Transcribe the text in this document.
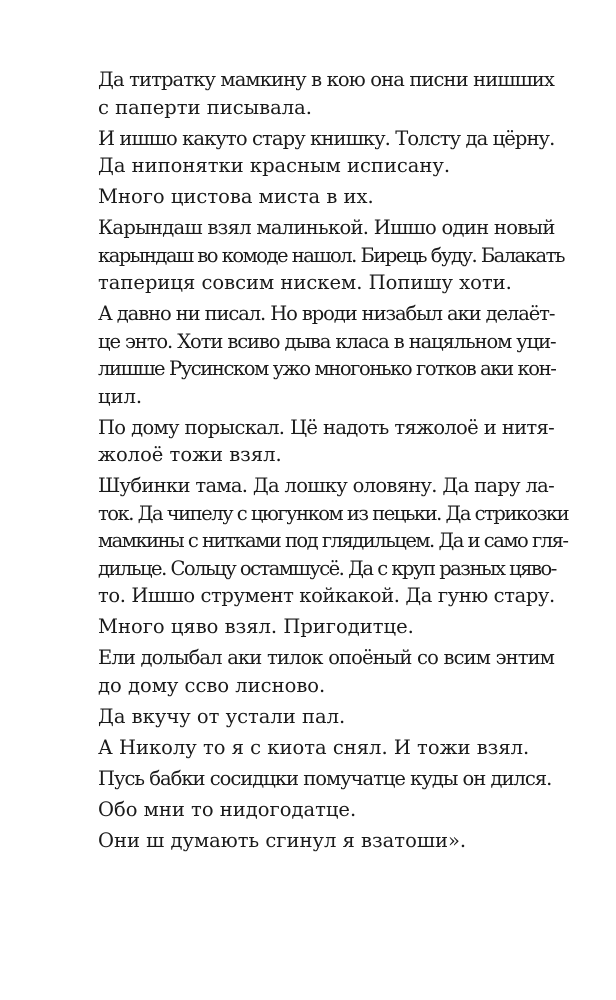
Да титратку мамкину в кою она писни нишших
с паперти писывала.

И ишшо какуто стару книшку. Толсту да цёрну.
Да нипонятки красным исписану.

Много цистова миста в их.

Карындаш взял малинькой. Ишшо один новый
карындаш во комоде нашол. Бирець буду. Балакать
тапериця совсим нискем. Попишу хоти.

А давно ни писал. Но вроди низабыл аки делаёт-
це энто. Хоти всиво дыва класа в нацяльном уци-
лишше Русинском ужо многонько готков аки кон-
цил.

По дому порыскал. Цё надоть тяжолоё и нитя-
жолоё тожи взял.

Шубинки тама. Да лошку оловяну. Да пару ла-
ток. Да чипелу с цюгунком из пецьки. Да стрикозки
мамкины с нитками под глядильцем. Да и само гля-
дильце. Сольцу остамшусё. Да с круп разных цяво-
то. Ишшо струмент койкакой. Да гуню стару.

Много цяво взял. Пригодитце.

Ели долыбал аки тилок опоёный со всим энтим
до дому сcво лисново.

Да вкучу от устали пал.

А Николу то я с киота снял. И тожи взял.

Пусь бабки сосидцки помучатце куды он дился.

Обо мни то нидогодатце.

Они ш думають сгинул я взатоши».
